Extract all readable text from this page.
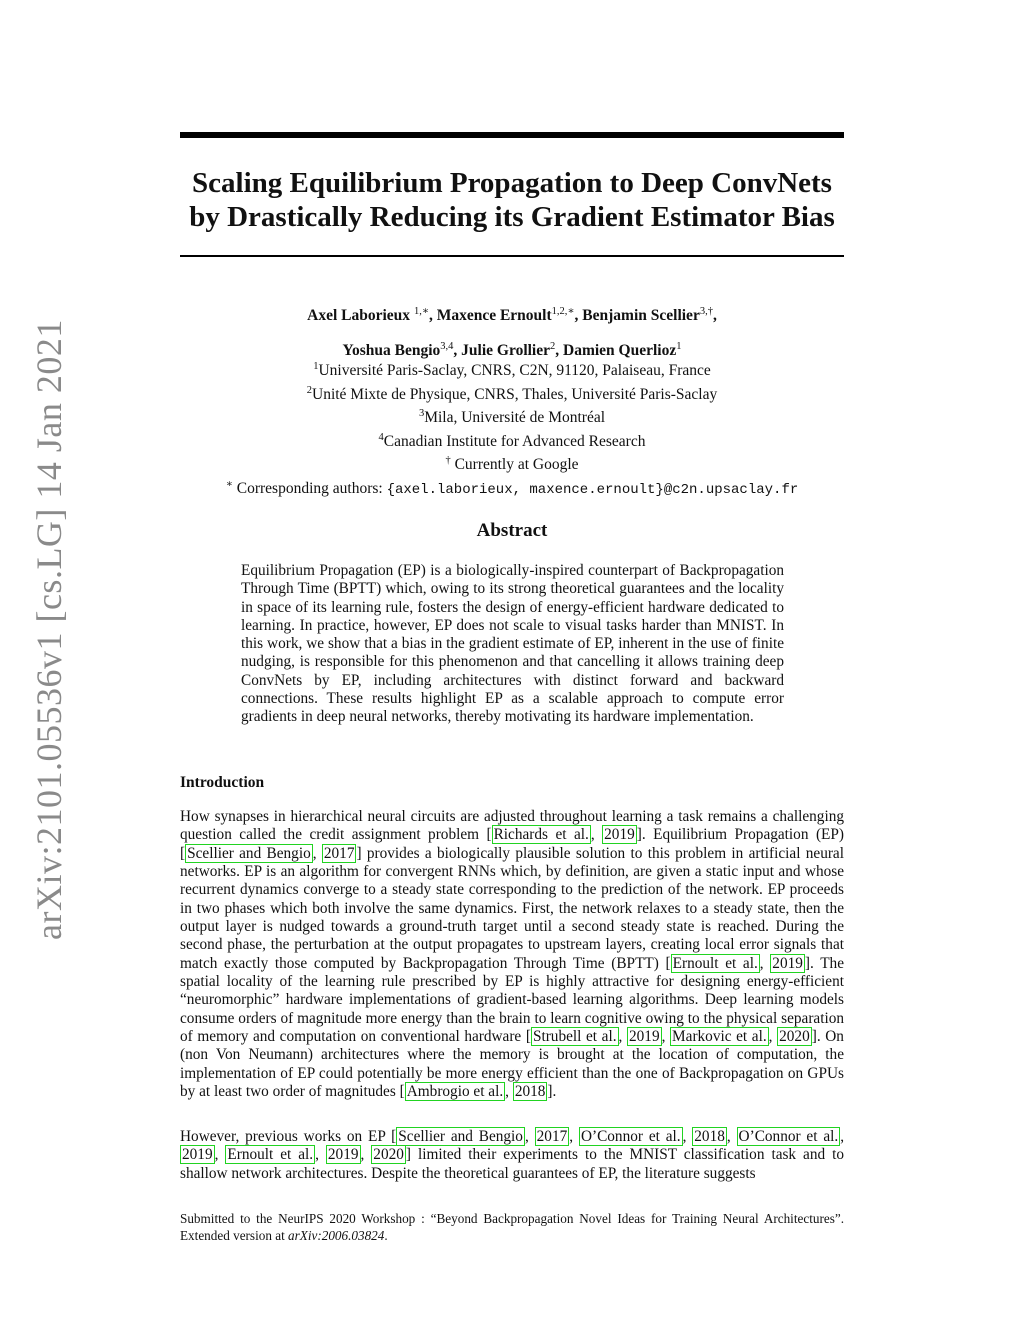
arXiv:2101.05536v1 [cs.LG] 14 Jan 2021
Scaling Equilibrium Propagation to Deep ConvNets
by Drastically Reducing its Gradient Estimator Bias
Axel Laborieux $^{1,∗}$, Maxence Ernoult$^{1,2,∗}$, Benjamin Scellier$^{3,\dagger}$,
Yoshua Bengio$^{3,4}$, Julie Grollier$^2$, Damien Querlioz$^1$
$^1$Université Paris-Saclay, CNRS, C2N, 91120, Palaiseau, France
$^2$Unité Mixte de Physique, CNRS, Thales, Université Paris-Saclay
$^3$Mila, Université de Montréal
$^4$Canadian Institute for Advanced Research
† Currently at Google
∗ Corresponding authors: {axel.laborieux, maxence.ernoult}@c2n.upsaclay.fr
Abstract
Equilibrium Propagation (EP) is a biologically-inspired counterpart of Backpropagation Through Time (BPTT) which, owing to its strong theoretical guarantees and the locality in space of its learning rule, fosters the design of energy-efficient hardware dedicated to learning. In practice, however, EP does not scale to visual tasks harder than MNIST. In this work, we show that a bias in the gradient estimate of EP, inherent in the use of finite nudging, is responsible for this phenomenon and that cancelling it allows training deep ConvNets by EP, including architectures with distinct forward and backward connections. These results highlight EP as a scalable approach to compute error gradients in deep neural networks, thereby motivating its hardware implementation.
Introduction
How synapses in hierarchical neural circuits are adjusted throughout learning a task remains a challenging question called the credit assignment problem [ Richards et al. , 2019 ]. Equilibrium Propagation (EP) [ Scellier and Bengio , 2017 ] provides a biologically plausible solution to this problem in artificial neural networks. EP is an algorithm for convergent RNNs which, by definition, are given a static input and whose recurrent dynamics converge to a steady state corresponding to the prediction of the network. EP proceeds in two phases which both involve the same dynamics. First, the network relaxes to a steady state, then the output layer is nudged towards a ground-truth target until a second steady state is reached. During the second phase, the perturbation at the output propagates to upstream layers, creating local error signals that match exactly those computed by Backpropagation Through Time (BPTT) [ Ernoult et al. , 2019 ]. The spatial locality of the learning rule prescribed by EP is highly attractive for designing energy-efficient “neuromorphic” hardware implementations of gradient-based learning algorithms. Deep learning models consume orders of magnitude more energy than the brain to learn cognitive owing to the physical separation of memory and computation on conventional hardware [ Strubell et al. , 2019 , Markovic et al. , 2020 ]. On (non Von Neumann) architectures where the memory is brought at the location of computation, the implementation of EP could potentially be more energy efficient than the one of Backpropagation on GPUs by at least two order of magnitudes [ Ambrogio et al. , 2018 ].
However, previous works on EP [ Scellier and Bengio , 2017 , O’Connor et al. , 2018 , O’Connor et al. , 2019 , Ernoult et al. , 2019 , 2020 ] limited their experiments to the MNIST classification task and to shallow network architectures. Despite the theoretical guarantees of EP, the literature suggests
Submitted to the NeurIPS 2020 Workshop : “Beyond Backpropagation Novel Ideas for Training Neural Architectures”. Extended version at arXiv:2006.03824.
